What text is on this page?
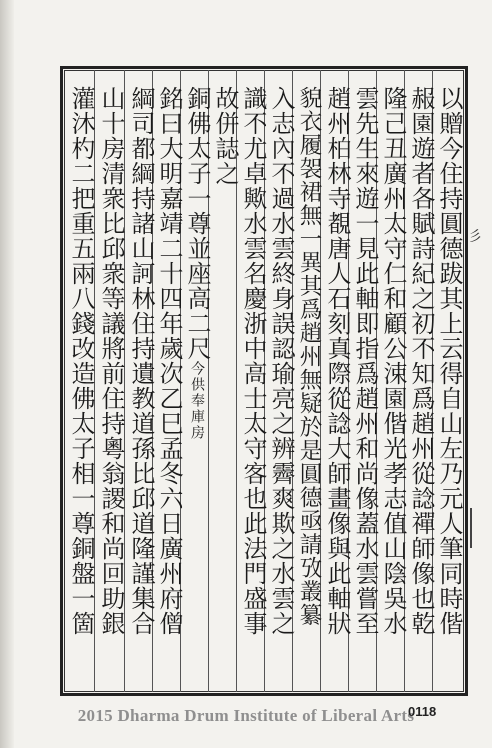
以贈今住持圓德跋其上云得自山左乃元人筆同時偕
赧園遊者各賦詩紀之初不知爲趙州從諗禪師像也乾
隆己丑廣州太守仁和顧公涑園偕光孝志值山陰吳水
雲先生來遊一見此軸即指爲趙州和尚像蓋水雲嘗至
趙州柏林寺覩唐人石刻真際從諗大師畫像與此軸狀
貌衣履袈裙無一異其爲趙州無疑於是圓德亟請攷叢纂
入志內不過水雲終身誤認瑜亮之辨霽爽欺之水雲之
識不尤卓歟水雲名慶浙中高士太守客也此法門盛事
故併誌之
銅佛太子一尊並座高二尺今供奉庫房
銘曰大明嘉靖二十四年歲次乙巳孟冬六日廣州府僧
綱司都綱持諸山訶林住持遺教道孫比邱道隆謹集合
山十房清衆比邱衆等議將前住持粵翁謖和尚回助銀
灌沐杓二把重五兩八錢改造佛太子相一尊銅盤一箇	彡
2015 Dharma Drum Institute of Liberal Arts
0118
